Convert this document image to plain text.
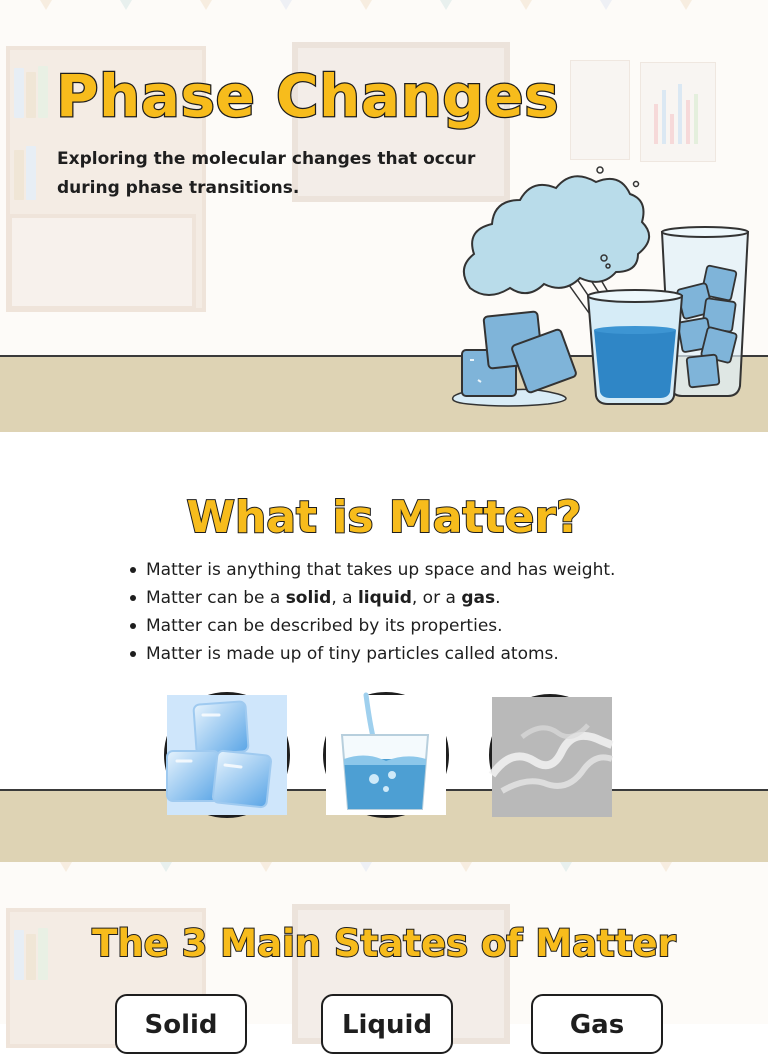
Phase Changes

Exploring the molecular changes that occur during phase transitions.

What is Matter?
Matter is anything that takes up space and has weight.
Matter can be a solid, a liquid, or a gas.
Matter can be described by its properties.
Matter is made up of tiny particles called atoms.
The 3 Main States of Matter
Solid	Liquid	Gas
